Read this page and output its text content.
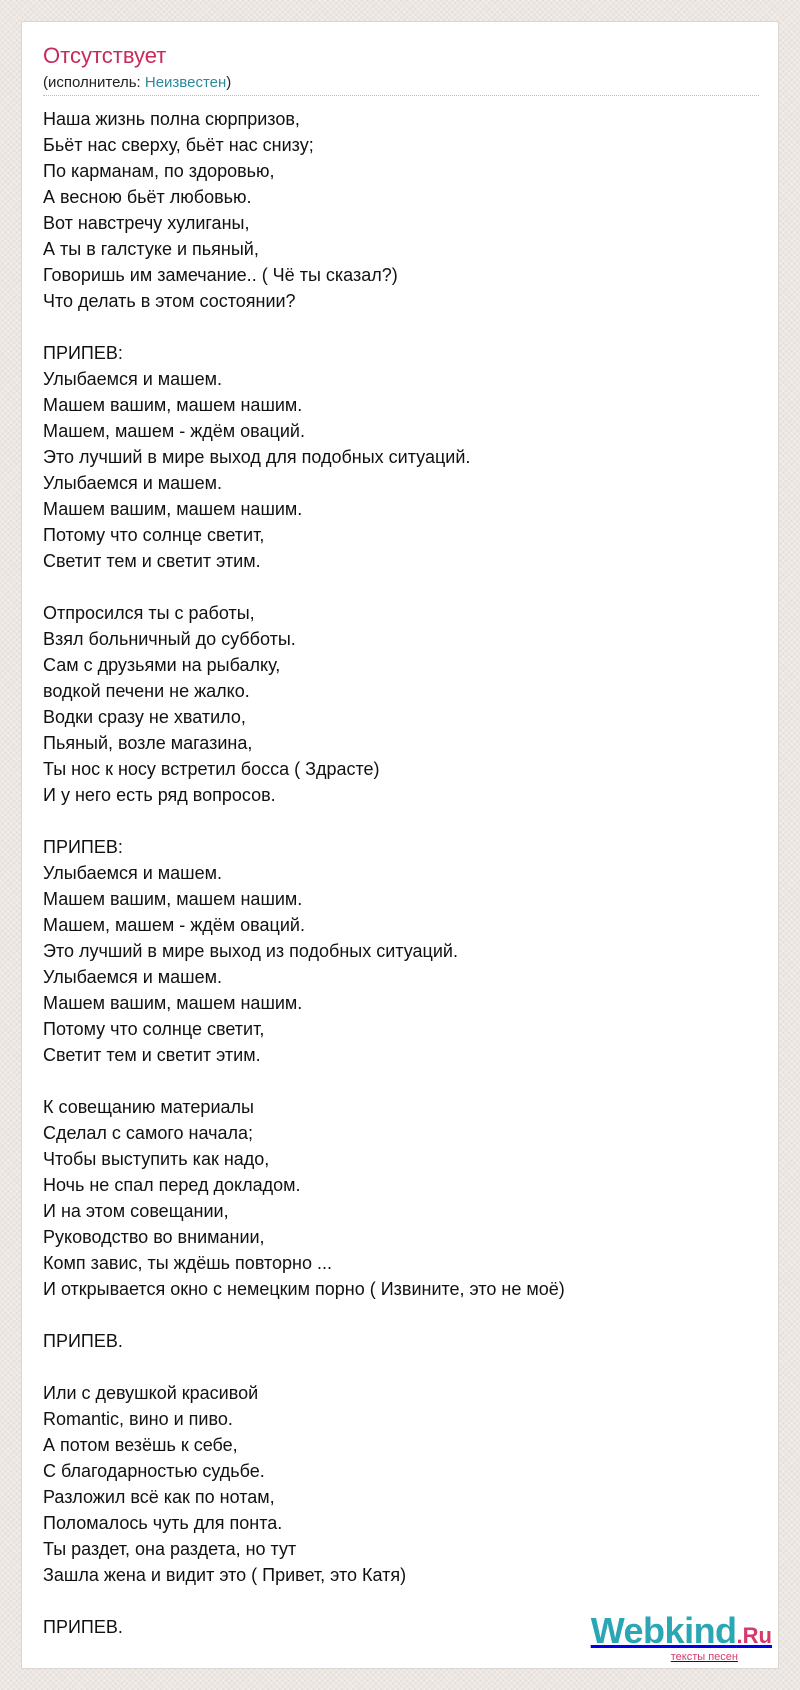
Отсутствует
(исполнитель: Неизвестен)
Наша жизнь полна сюрпризов,
Бьёт нас сверху, бьёт нас снизу;
По карманам, по здоровью,
А весною бьёт любовью.
Вот навстречу хулиганы,
А ты в галстуке и пьяный,
Говоришь им замечание.. ( Чё ты сказал?)
Что делать в этом состоянии?
ПРИПЕВ:
Улыбаемся и машем.
Машем вашим, машем нашим.
Машем, машем - ждём оваций.
Это лучший в мире выход для подобных ситуаций.
Улыбаемся и машем.
Машем вашим, машем нашим.
Потому что солнце светит,
Светит тем и светит этим.
Отпросился ты с работы,
Взял больничный до субботы.
Сам с друзьями на рыбалку,
водкой печени не жалко.
Водки сразу не хватило,
Пьяный, возле магазина,
Ты нос к носу встретил босса ( Здрасте)
И у него есть ряд вопросов.
ПРИПЕВ:
Улыбаемся и машем.
Машем вашим, машем нашим.
Машем, машем - ждём оваций.
Это лучший в мире выход из подобных ситуаций.
Улыбаемся и машем.
Машем вашим, машем нашим.
Потому что солнце светит,
Светит тем и светит этим.
К совещанию материалы
Сделал с самого начала;
Чтобы выступить как надо,
Ночь не спал перед докладом.
И на этом совещании,
Руководство во внимании,
Комп завис, ты ждёшь повторно ...
И открывается окно с немецким порно ( Извините, это не моё)
ПРИПЕВ.
Или с девушкой красивой
Romantic, вино и пиво.
А потом везёшь к себе,
С благодарностью судьбе.
Разложил всё как по нотам,
Поломалось чуть для понта.
Ты раздет, она раздета, но тут
Зашла жена и видит это ( Привет, это Катя)
ПРИПЕВ.	Webkind.Ru
тексты песен
